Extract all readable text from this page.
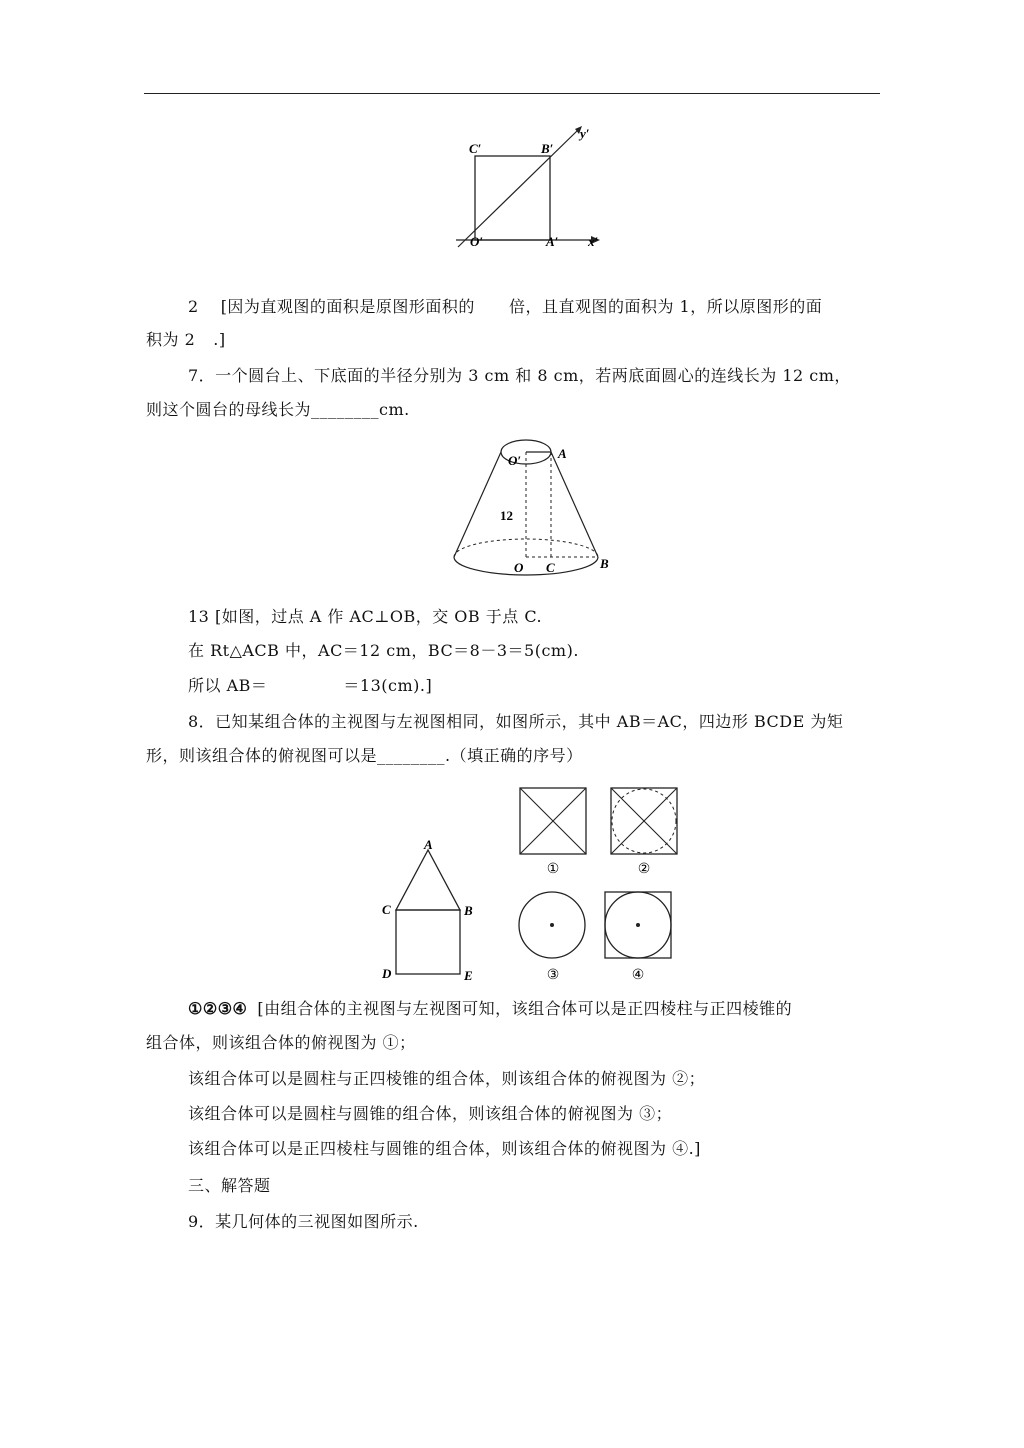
C′	B′
y′
O′	A′ x′
2 [因为直观图的面积是原图形面积的 倍，且直观图的面积为 1，所以原图形的面
积为 2 .]
7．一个圆台上、下底面的半径分别为 3 cm 和 8 cm，若两底面圆心的连线长为 12 cm，
则这个圆台的母线长为________cm.
O′	A
12
O C	B
13 [如图，过点 A 作 AC⊥OB，交 OB 于点 C.
在 Rt△ACB 中，AC＝12 cm，BC＝8－3＝5(cm).
所以 AB＝	＝13(cm).]
8．已知某组合体的主视图与左视图相同，如图所示，其中 AB＝AC，四边形 BCDE 为矩
形，则该组合体的俯视图可以是________.（填正确的序号）
A
C	B
D	E
①	②
③	④
①②③④ [由组合体的主视图与左视图可知，该组合体可以是正四棱柱与正四棱锥的
组合体，则该组合体的俯视图为 ①；
该组合体可以是圆柱与正四棱锥的组合体，则该组合体的俯视图为 ②；
该组合体可以是圆柱与圆锥的组合体，则该组合体的俯视图为 ③；
该组合体可以是正四棱柱与圆锥的组合体，则该组合体的俯视图为 ④.]
三、解答题
9．某几何体的三视图如图所示.
